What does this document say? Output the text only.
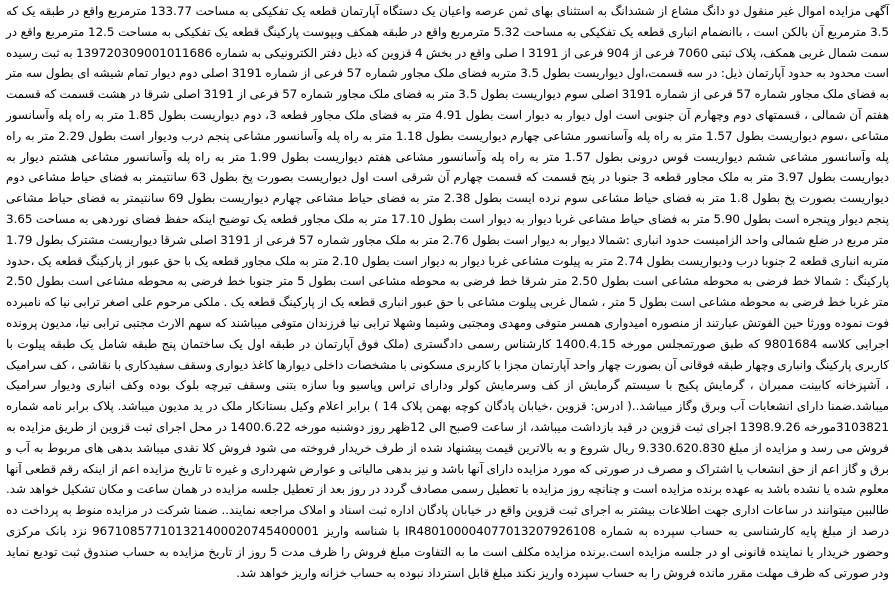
آگهی مزایده اموال غیر منقول دو دانگ مشاع از ششدانگ به استثنای بهای ثمن عرصه واعیان یک دستگاه آپارتمان قطعه یک تفکیکی به مساحت 133.77 مترمربع واقع در طبقه یک که 3.5 مترمربع آن بالکن است ، باانضمام انباری قطعه یک تفکیکی به مساحت 5.32 مترمربع واقع در طبقه همکف وبپوست پارکینگ قطعه یک تفکیکی به مساحت 12.5 مترمربع واقع در سمت شمال غربی همکف، پلاک ثبتی 7060 فرعی از 904 فرعی از 3191 ا صلی واقع در بخش 4 قزوین که ذیل دفتر الکترونیکی به شماره 139720309001011686 به ثبت رسیده است محدود به حدود آپارتمان ذیل: در سه قسمت،اول دیواریست بطول 3.5 متربه فضای ملک مجاور شماره 57 فرعی از شماره 3191 اصلی دوم دیوار تمام شیشه ای بطول سه متر به فضای ملک مجاور شماره 57 فرعی از شماره 3191 اصلی سوم دیواریست بطول 3.5 متر به فضای ملک مجاور شماره 57 فرعی از 3191 اصلی شرقا در هشت قسمت که قسمت هفتم آن شمالی ، قسمتهای دوم وچهارم آن جنوبی است اول دیوار به دیوار است بطول 4.91 متر به فضای ملک مجاور قطعه 3، دوم دیواریست بطول 1.85 متر به راه پله وآسانسور مشاعی ،سوم دیواریست بطول 1.57 متر به راه پله وآسانسور مشاعی چهارم دیواریست بطول 1.18 متر به راه پله وآسانسور مشاعی پنجم درب ودیوار است بطول 2.29 متر به راه پله وآسانسور مشاعی ششم دیواریست قوس درونی بطول 1.57 متر به راه پله وآسانسور مشاعی هفتم دیواریست بطول 1.99 متر به راه پله وآسانسور مشاعی هشتم دیوار به دیواریست بطول 3.97 متر به ملک مجاور قطعه 3 جنوبا در پنج قسمت که قسمت چهارم آن شرقی است اول دیواریست بصورت پخ بطول 63 سانتیمتر به فضای حیاط مشاعی دوم دیواریست بصورت پخ بطول 1.8 متر به فضای حیاط مشاعی سوم نرده ایست بطول 2.38 متر به فضای حیاط مشاعی چهارم دیواریست بطول 69 سانتیمتر به فضای حیاط مشاعی پنجم دیوار وپنجره است بطول 5.90 متر به فضای حیاط مشاعی غربا دیوار به دیوار است بطول 17.10 متر به ملک مجاور قطعه یک توضیح اینکه حفظ فضای نوردهی به مساحت 3.65 متر مربع در ضلع شمالی واحد الزامیست حدود انباری :شمالا دیوار به دیوار است بطول 2.76 متر به ملک مجاور شماره 57 فرعی از 3191 اصلی شرقا دیواریست مشترک بطول 1.79 متربه انباری قطعه 2 جنوبا درب ودیواریست بطول 2.74 متر به پیلوت مشاعی غربا دیوار به دیوار است بطول 2.10 متر به ملک مجاور قطعه یک با حق عبور از پارکینگ قطعه یک ،حدود پارکینگ : شمالا خط فرضی به محوطه مشاعی است بطول 2.50 متر شرقا خط فرضی به محوطه مشاعی است بطول 5 متر جنوبا خط فرضی به محوطه مشاعی است بطول 2.50 متر غربا خط فرضی به محوطه مشاعی است بطول 5 متر ، شمال غربی پیلوت مشاعی با حق عبور انباری قطعه یک از پارکینگ قطعه یک . ملکی مرحوم علی اصغر ترابی نیا که نامبرده فوت نموده وورثا حین الفوتش عبارتند از منصوره امیدواری همسر متوفی ومهدی ومجتبی وشیما وشهلا ترابی نیا فرزندان متوفی میباشند که سهم الارث مجتبی ترابی نیا، مدیون پرونده اجرایی کلاسه 9801684 که طبق صورتمجلس مورخه 1400.4.15 کارشناس رسمی دادگستری (ملک فوق آپارتمان در طبقه اول یک ساختمان پنج طبقه شامل یک طبقه پیلوت با کاربری پارکینگ وانباری وچهار طبقه فوقانی آن بصورت چهار واحد آپارتمان مجزا با کاربری مسکونی با مشخصات داخلی دیوارها کاغذ دیواری وسقف سفیدکاری با نقاشی ، کف سرامیک ، آشپزخانه کابینت ممبران ، گرمایش پکیج با سیستم گرمایش از کف وسرمایش کولر ودارای تراس وپاسیو وبا سازه بتنی وسقف تیرچه بلوک بوده وکف انباری ودیوار سرامیک میباشد.ضمنا دارای انشعابات آب وبرق وگاز میباشد..( ادرس: قزوین ،خیابان پادگان کوچه بهمن پلاک 14 ) برابر اعلام وکیل بستانکار ملک در ید مدیون میباشد. پلاک برابر نامه شماره 3103821مورخه 1398.9.26 اجرای ثبت قزوین در قید بازداشت میباشد، از ساعت 9صبح الی 12ظهر روز دوشنبه مورخه 1400.6.22 در محل اجرای ثبت قزوین از طریق مزایده به فروش می رسد و مزایده از مبلغ 9.330.620.830 ریال شروع و به بالاترین قیمت پیشنهاد شده از طرف خریدار فروخته می شود فروش کلا نقدی میباشد بدهی های مربوط به آب و برق و گاز اعم از حق انشعاب یا اشتراک و مصرف در صورتی که مورد مزایده دارای آنها باشد و نیز بدهی مالیاتی و عوارض شهرداری و غیره تا تاریخ مزایده اعم از اینکه رقم قطعی آنها معلوم شده یا نشده باشد به عهده برنده مزایده است و چنانچه روز مزایده با تعطیل رسمی مصادف گردد در روز بعد از تعطیل جلسه مزایده در همان ساعت و مکان تشکیل خواهد شد. طالبین میتوانند در ساعات اداری جهت اطلاعات بیشتر به اجرای ثبت قزوین واقع در خیابان پادگان اداره ثبت اسناد و املاک مراجعه نمایند.. ضمنا شرکت در مزایده منوط به پرداخت ده درصد از مبلغ پایه کارشناسی به حساب سپرده به شماره IR480100004077013207926108 با شناسه واریز 967108577101321400020745400001 نزد بانک مرکزی وحضور خریدار یا نماینده قانونی او در جلسه مزایده است.برنده مزایده مکلف است ما به التفاوت مبلغ فروش را ظرف مدت 5 روز از تاریخ مزایده به حساب صندوق ثبت تودیع نماید ودر صورتی که ظرف مهلت مقرر مانده فروش را به حساب سپرده واریز نکند مبلغ قابل استرداد نبوده به حساب خزانه واریز خواهد شد.
